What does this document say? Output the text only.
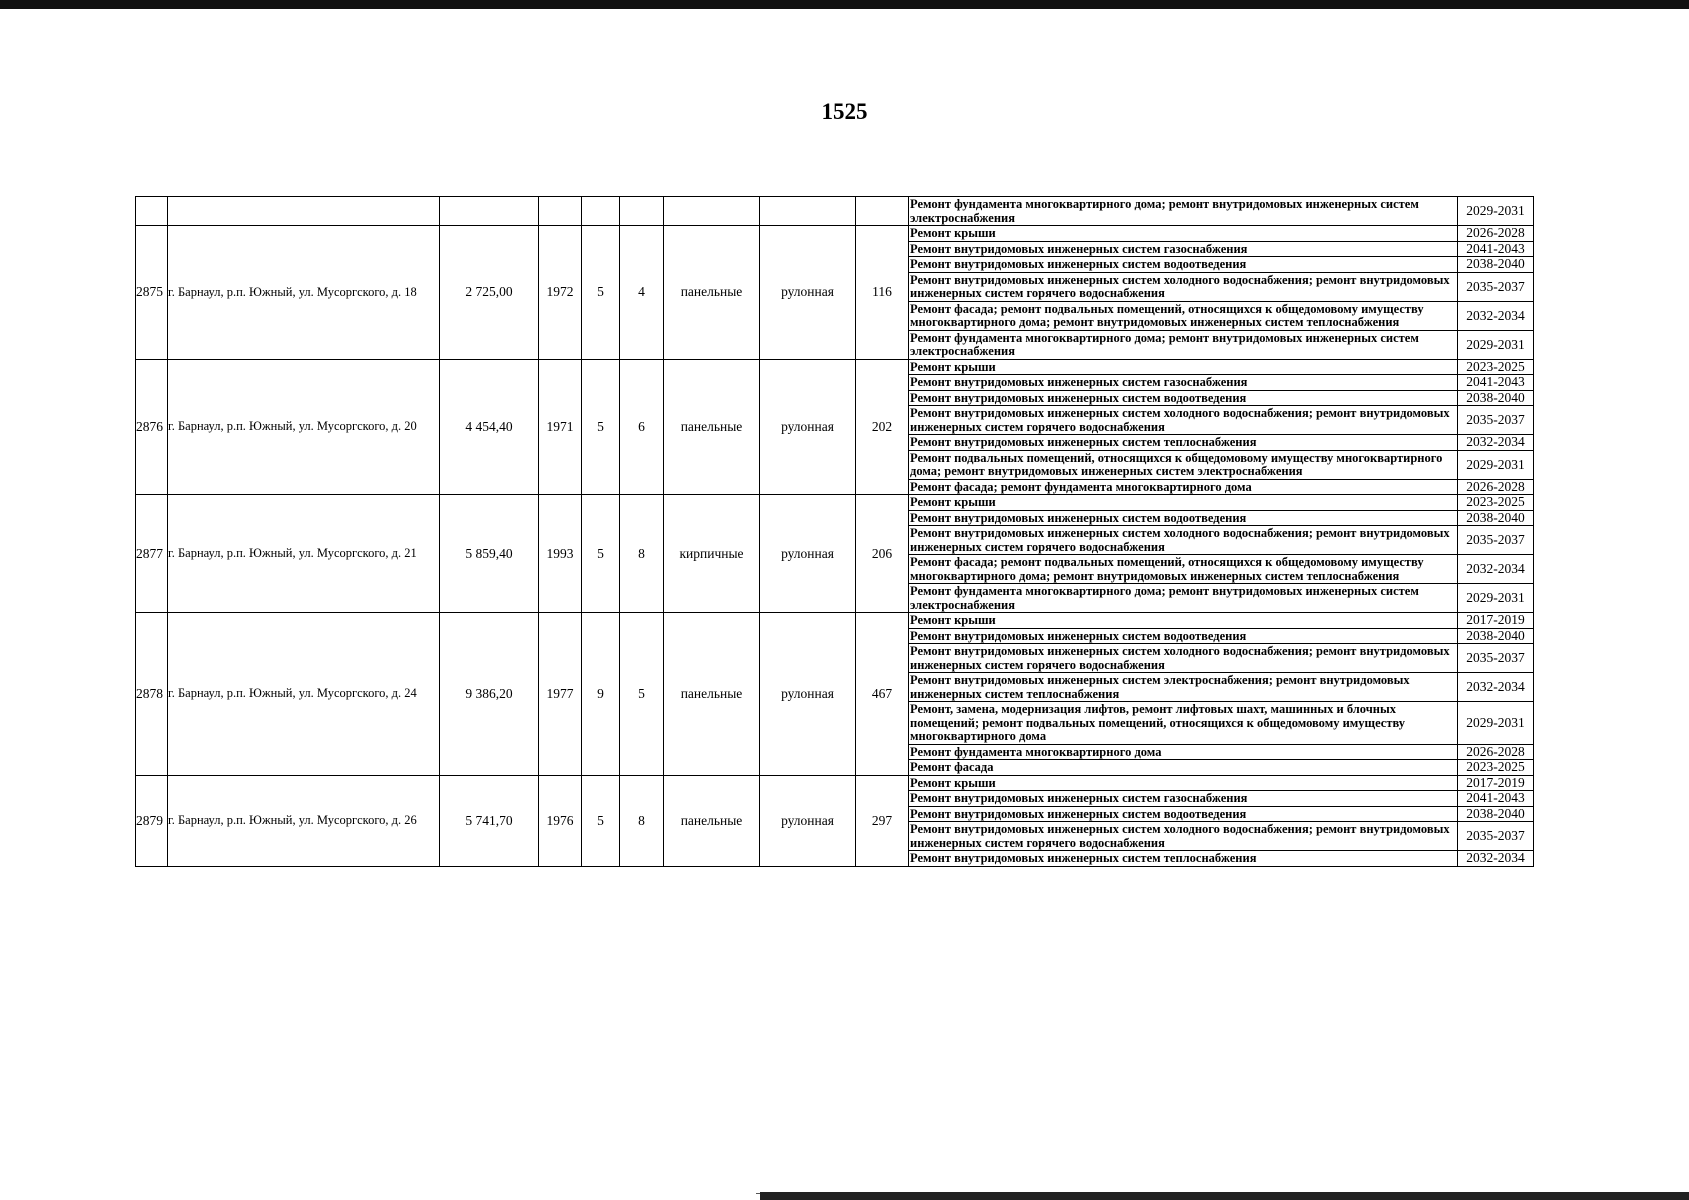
1525
									Ремонт фундамента многоквартирного дома; ремонт внутридомовых инженерных систем электроснабжения	2029-2031
2875	г. Барнаул, р.п. Южный, ул. Мусоргского, д. 18	2 725,00	1972	5	4	панельные	рулонная	116	Ремонт крыши	2026-2028
									Ремонт внутридомовых инженерных систем газоснабжения	2041-2043
									Ремонт внутридомовых инженерных систем водоотведения	2038-2040
									Ремонт внутридомовых инженерных систем холодного водоснабжения; ремонт внутридомовых инженерных систем горячего водоснабжения	2035-2037
									Ремонт фасада; ремонт подвальных помещений, относящихся к общедомовому имуществу многоквартирного дома; ремонт внутридомовых инженерных систем теплоснабжения	2032-2034
									Ремонт фундамента многоквартирного дома; ремонт внутридомовых инженерных систем электроснабжения	2029-2031
2876	г. Барнаул, р.п. Южный, ул. Мусоргского, д. 20	4 454,40	1971	5	6	панельные	рулонная	202	Ремонт крыши	2023-2025
									Ремонт внутридомовых инженерных систем газоснабжения	2041-2043
									Ремонт внутридомовых инженерных систем водоотведения	2038-2040
									Ремонт внутридомовых инженерных систем холодного водоснабжения; ремонт внутридомовых инженерных систем горячего водоснабжения	2035-2037
									Ремонт внутридомовых инженерных систем теплоснабжения	2032-2034
									Ремонт подвальных помещений, относящихся к общедомовому имуществу многоквартирного дома; ремонт внутридомовых инженерных систем электроснабжения	2029-2031
									Ремонт фасада; ремонт фундамента многоквартирного дома	2026-2028
2877	г. Барнаул, р.п. Южный, ул. Мусоргского, д. 21	5 859,40	1993	5	8	кирпичные	рулонная	206	Ремонт крыши	2023-2025
									Ремонт внутридомовых инженерных систем водоотведения	2038-2040
									Ремонт внутридомовых инженерных систем холодного водоснабжения; ремонт внутридомовых инженерных систем горячего водоснабжения	2035-2037
									Ремонт фасада; ремонт подвальных помещений, относящихся к общедомовому имуществу многоквартирного дома; ремонт внутридомовых инженерных систем теплоснабжения	2032-2034
									Ремонт фундамента многоквартирного дома; ремонт внутридомовых инженерных систем электроснабжения	2029-2031
2878	г. Барнаул, р.п. Южный, ул. Мусоргского, д. 24	9 386,20	1977	9	5	панельные	рулонная	467	Ремонт крыши	2017-2019
									Ремонт внутридомовых инженерных систем водоотведения	2038-2040
									Ремонт внутридомовых инженерных систем холодного водоснабжения; ремонт внутридомовых инженерных систем горячего водоснабжения	2035-2037
									Ремонт внутридомовых инженерных систем электроснабжения; ремонт внутридомовых инженерных систем теплоснабжения	2032-2034
									Ремонт, замена, модернизация лифтов, ремонт лифтовых шахт, машинных и блочных помещений; ремонт подвальных помещений, относящихся к общедомовому имуществу многоквартирного дома	2029-2031
									Ремонт фундамента многоквартирного дома	2026-2028
									Ремонт фасада	2023-2025
2879	г. Барнаул, р.п. Южный, ул. Мусоргского, д. 26	5 741,70	1976	5	8	панельные	рулонная	297	Ремонт крыши	2017-2019
									Ремонт внутридомовых инженерных систем газоснабжения	2041-2043
									Ремонт внутридомовых инженерных систем водоотведения	2038-2040
									Ремонт внутридомовых инженерных систем холодного водоснабжения; ремонт внутридомовых инженерных систем горячего водоснабжения	2035-2037
									Ремонт внутридомовых инженерных систем теплоснабжения	2032-2034
